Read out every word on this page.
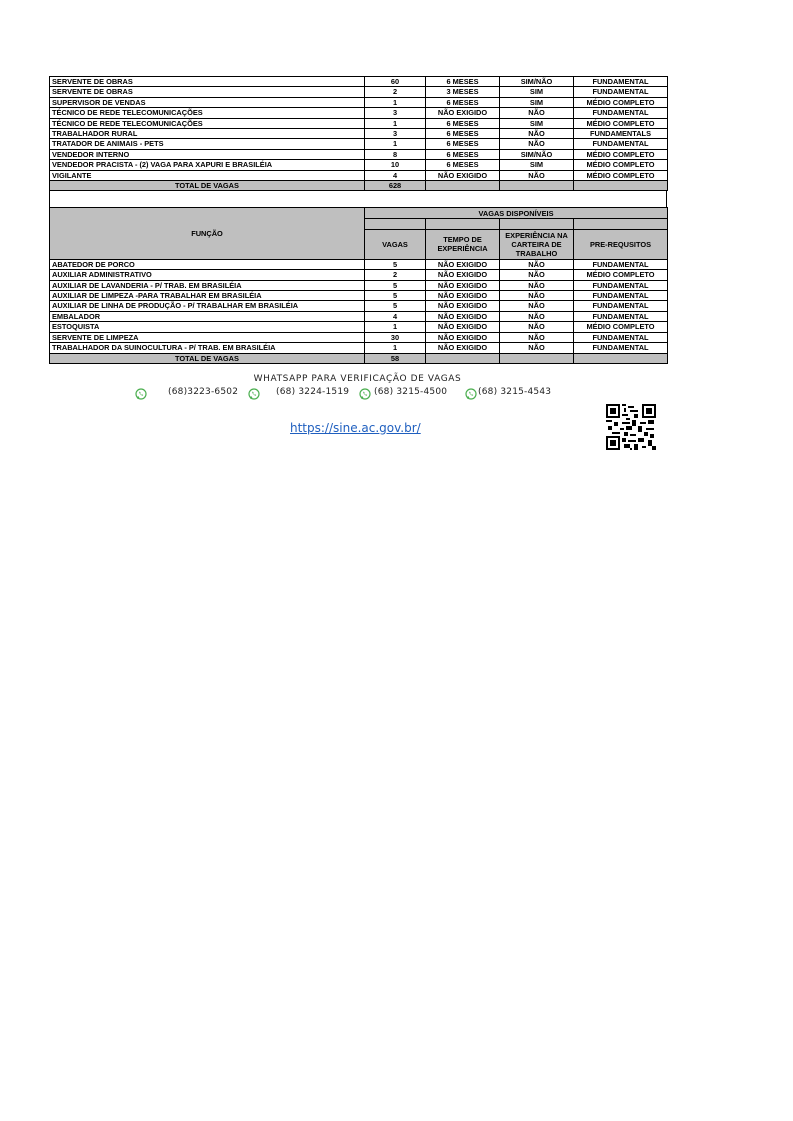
SERVENTE DE OBRAS	60	6 MESES	SIM/NÃO	FUNDAMENTAL
SERVENTE DE OBRAS	2	3 MESES	SIM	FUNDAMENTAL
SUPERVISOR DE VENDAS	1	6 MESES	SIM	MÉDIO COMPLETO
TÉCNICO DE REDE TELECOMUNICAÇÕES	3	NÃO EXIGIDO	NÃO	FUNDAMENTAL
TÉCNICO DE REDE TELECOMUNICAÇÕES	1	6 MESES	SIM	MÉDIO COMPLETO
TRABALHADOR RURAL	3	6 MESES	NÃO	FUNDAMENTALS
TRATADOR DE ANIMAIS - PETS	1	6 MESES	NÃO	FUNDAMENTAL
VENDEDOR INTERNO	8	6 MESES	SIM/NÃO	MÉDIO COMPLETO
VENDEDOR PRACISTA - (2) VAGA PARA XAPURI E BRASILÉIA	10	6 MESES	SIM	MÉDIO COMPLETO
VIGILANTE	4	NÃO EXIGIDO	NÃO	MÉDIO COMPLETO
TOTAL DE VAGAS	628			
FUNÇÃO	VAGAS DISPONÍVEIS			

	VAGAS	TEMPO DE EXPERIÊNCIA	EXPERIÊNCIA NA CARTEIRA DE TRABALHO	PRE-REQUSITOS
ABATEDOR DE PORCO	5	NÃO EXIGIDO	NÃO	FUNDAMENTAL
AUXILIAR ADMINISTRATIVO	2	NÃO EXIGIDO	NÃO	MÉDIO COMPLETO
AUXILIAR DE LAVANDERIA - P/ TRAB. EM BRASILÉIA	5	NÃO EXIGIDO	NÃO	FUNDAMENTAL
AUXILIAR DE LIMPEZA -PARA TRABALHAR EM BRASILÉIA	5	NÃO EXIGIDO	NÃO	FUNDAMENTAL
AUXILIAR DE LINHA DE PRODUÇÃO - P/ TRABALHAR EM BRASILÉIA	5	NÃO EXIGIDO	NÃO	FUNDAMENTAL
EMBALADOR	4	NÃO EXIGIDO	NÃO	FUNDAMENTAL
ESTOQUISTA	1	NÃO EXIGIDO	NÃO	MÉDIO COMPLETO
SERVENTE DE LIMPEZA	30	NÃO EXIGIDO	NÃO	FUNDAMENTAL
TRABALHADOR DA SUINOCULTURA - P/ TRAB. EM BRASILÉIA	1	NÃO EXIGIDO	NÃO	FUNDAMENTAL
TOTAL DE VAGAS	58			
WHATSAPP PARA VERIFICAÇÃO DE VAGAS
(68)3223-6502	(68) 3224-1519	(68) 3215-4500	(68) 3215-4543
https://sine.ac.gov.br/
